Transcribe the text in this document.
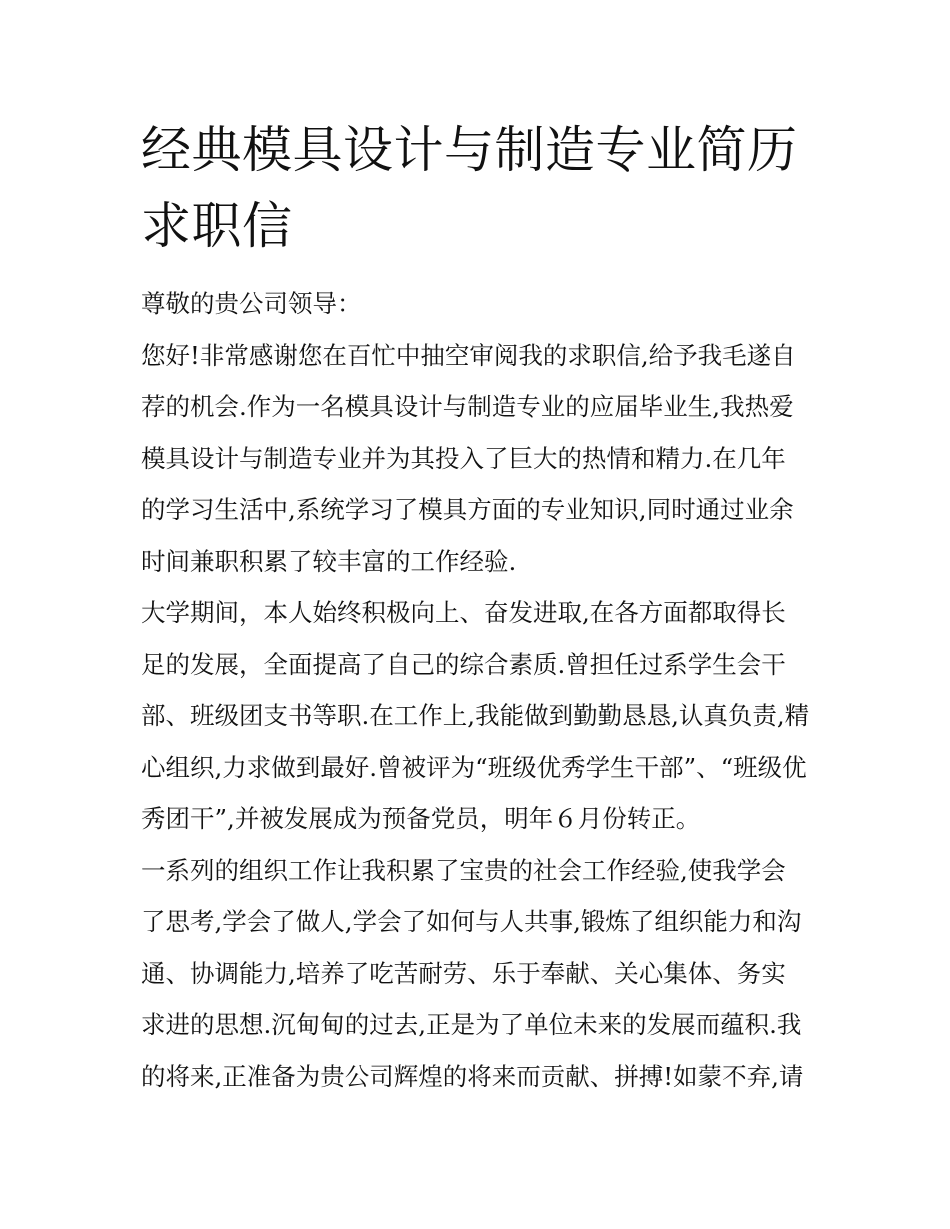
经典模具设计与制造专业简历
求职信
尊敬的贵公司领导：
您好!非常感谢您在百忙中抽空审阅我的求职信,给予我毛遂自
荐的机会.作为一名模具设计与制造专业的应届毕业生,我热爱
模具设计与制造专业并为其投入了巨大的热情和精力.在几年
的学习生活中,系统学习了模具方面的专业知识,同时通过业余
时间兼职积累了较丰富的工作经验.
大学期间，本人始终积极向上、奋发进取,在各方面都取得长
足的发展，全面提高了自己的综合素质.曾担任过系学生会干
部、班级团支书等职.在工作上,我能做到勤勤恳恳,认真负责,精
心组织,力求做到最好.曾被评为“班级优秀学生干部”、“班级优
秀团干”,并被发展成为预备党员，明年６月份转正。
一系列的组织工作让我积累了宝贵的社会工作经验,使我学会
了思考,学会了做人,学会了如何与人共事,锻炼了组织能力和沟
通、协调能力,培养了吃苦耐劳、乐于奉献、关心集体、务实
求进的思想.沉甸甸的过去,正是为了单位未来的发展而蕴积.我
的将来,正准备为贵公司辉煌的将来而贡献、拼搏!如蒙不弃,请
